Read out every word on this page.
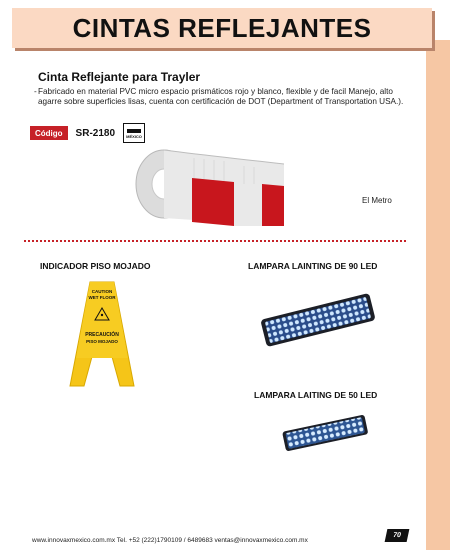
CINTAS REFLEJANTES
Cinta Reflejante para Trayler
- Fabricado en material PVC micro espacio prismáticos rojo y blanco, flexible y de facil Manejo, alto agarre sobre superficies lisas, cuenta con certificación de DOT (Department of Transportation USA.).
Código	SR-2180	MÉXICO
El Metro
INDICADOR PISO MOJADO	LAMPARA LAINTING DE 90 LED
LAMPARA LAITING DE 50 LED
CAUTION
WET FLOOR
PRECAUCIÓN
PISO MOJADO
www.innovaxmexico.com.mx Tel. +52 (222)1790109 / 6489683 ventas@innovaxmexico.com.mx
70
